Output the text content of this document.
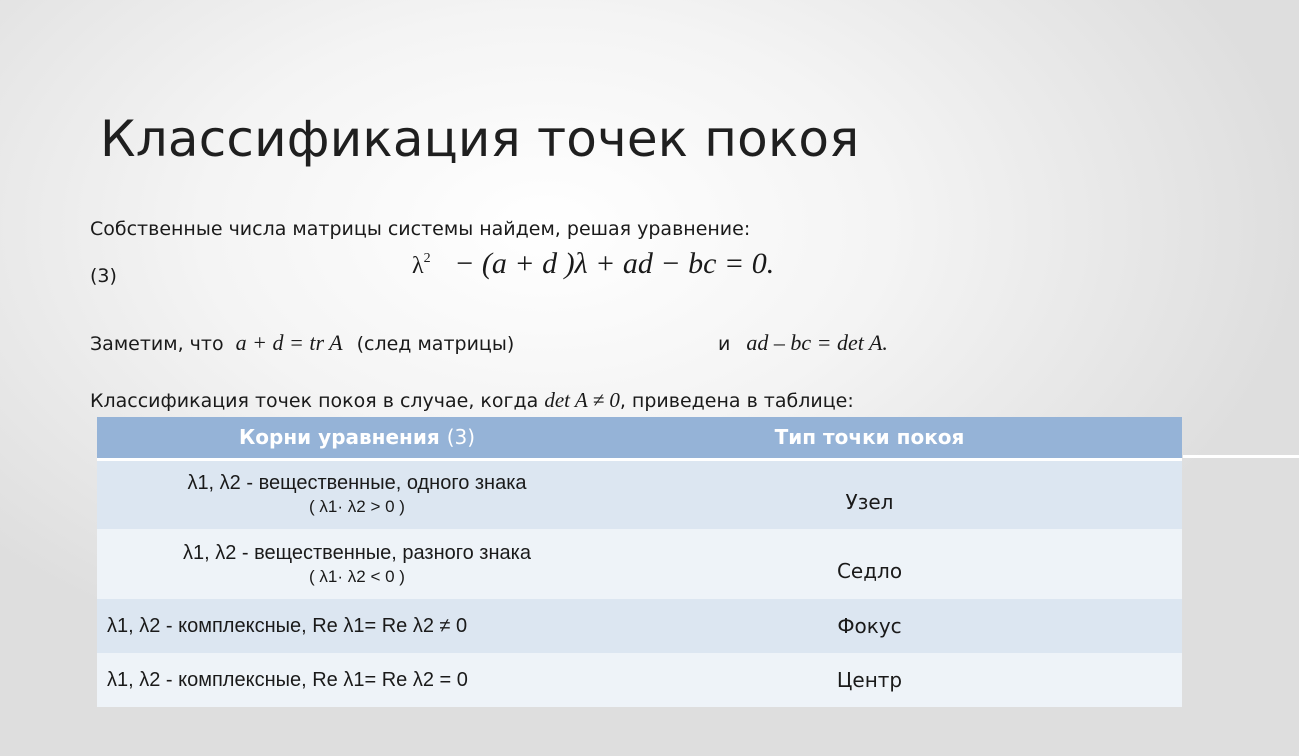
Классификация точек покоя
Собственные числа матрицы системы найдем, решая уравнение:
(3)	$\lambda^2 - (a + d$ )λ + ad − bc = 0.
Заметим, что a + d = tr A (след матрицы)	и ad – bc = det A.
Классификация точек покоя в случае, когда det A ≠ 0, приведена в таблице:
Корни уравнения (3)	Тип точки покоя

λ1, λ2 - вещественные, одного знака
( λ1· λ2 > 0 )	Узел

λ1, λ2 - вещественные, разного знака
( λ1· λ2 < 0 )	Седло
λ1, λ2 - комплексные, Re λ1= Re λ2 ≠ 0	Фокус
λ1, λ2 - комплексные, Re λ1= Re λ2 = 0	Центр
